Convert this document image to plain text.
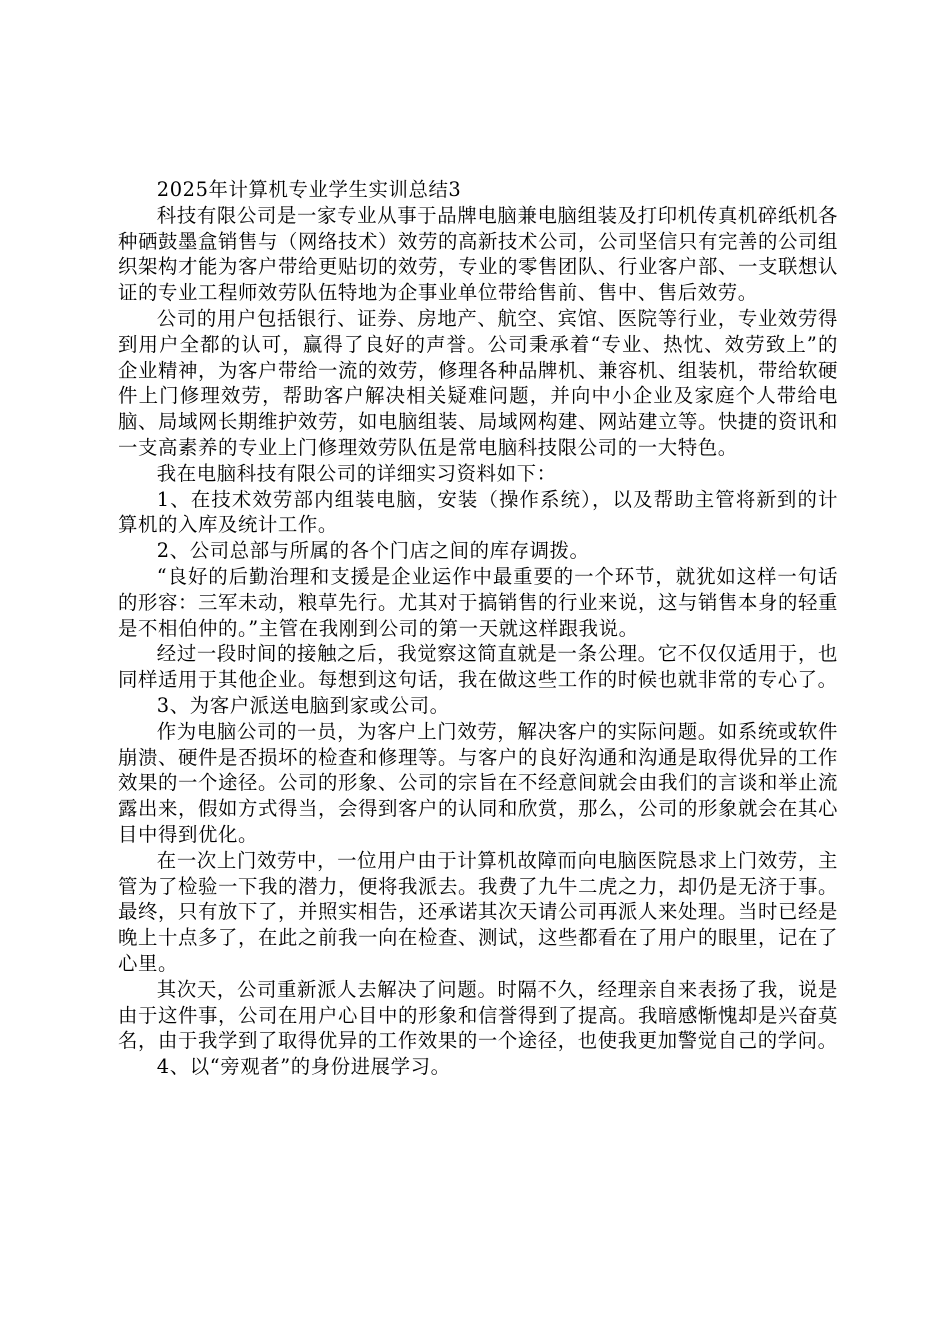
2025年计算机专业学生实训总结3

科技有限公司是一家专业从事于品牌电脑兼电脑组装及打印机传真机碎纸机各种硒鼓墨盒销售与（网络技术）效劳的高新技术公司，公司坚信只有完善的公司组织架构才能为客户带给更贴切的效劳，专业的零售团队、行业客户部、一支联想认证的专业工程师效劳队伍特地为企事业单位带给售前、售中、售后效劳。

公司的用户包括银行、证券、房地产、航空、宾馆、医院等行业，专业效劳得到用户全都的认可，赢得了良好的声誉。公司秉承着“专业、热忱、效劳致上”的企业精神，为客户带给一流的效劳，修理各种品牌机、兼容机、组装机，带给软硬件上门修理效劳，帮助客户解决相关疑难问题，并向中小企业及家庭个人带给电脑、局域网长期维护效劳，如电脑组装、局域网构建、网站建立等。快捷的资讯和一支高素养的专业上门修理效劳队伍是常电脑科技限公司的一大特色。

我在电脑科技有限公司的详细实习资料如下：

1、在技术效劳部内组装电脑，安装（操作系统），以及帮助主管将新到的计算机的入库及统计工作。

2、公司总部与所属的各个门店之间的库存调拨。

“良好的后勤治理和支援是企业运作中最重要的一个环节，就犹如这样一句话的形容：三军未动，粮草先行。尤其对于搞销售的行业来说，这与销售本身的轻重是不相伯仲的。”主管在我刚到公司的第一天就这样跟我说。

经过一段时间的接触之后，我觉察这简直就是一条公理。它不仅仅适用于，也同样适用于其他企业。每想到这句话，我在做这些工作的时候也就非常的专心了。

3、为客户派送电脑到家或公司。

作为电脑公司的一员，为客户上门效劳，解决客户的实际问题。如系统或软件崩溃、硬件是否损坏的检查和修理等。与客户的良好沟通和沟通是取得优异的工作效果的一个途径。公司的形象、公司的宗旨在不经意间就会由我们的言谈和举止流露出来，假如方式得当，会得到客户的认同和欣赏，那么，公司的形象就会在其心目中得到优化。

在一次上门效劳中，一位用户由于计算机故障而向电脑医院恳求上门效劳，主管为了检验一下我的潜力，便将我派去。我费了九牛二虎之力，却仍是无济于事。最终，只有放下了，并照实相告，还承诺其次天请公司再派人来处理。当时已经是晚上十点多了，在此之前我一向在检查、测试，这些都看在了用户的眼里，记在了心里。

其次天，公司重新派人去解决了问题。时隔不久，经理亲自来表扬了我，说是由于这件事，公司在用户心目中的形象和信誉得到了提高。我暗感惭愧却是兴奋莫名，由于我学到了取得优异的工作效果的一个途径，也使我更加警觉自己的学问。

4、以“旁观者”的身份进展学习。
